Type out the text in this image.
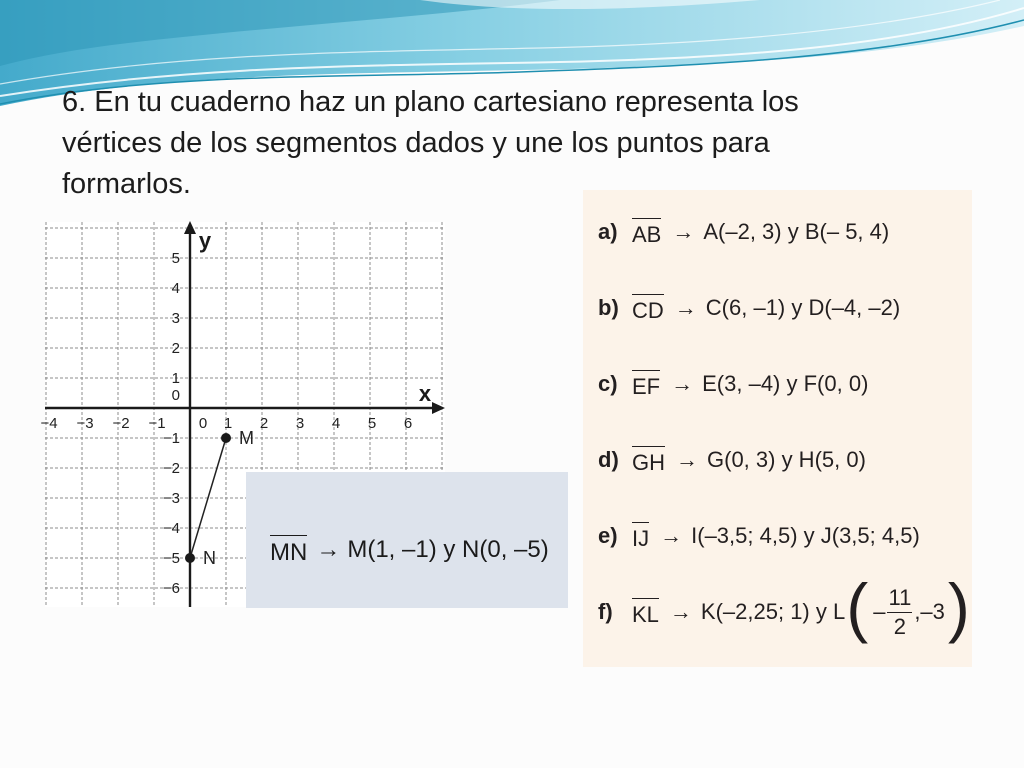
6. En tu cuaderno haz un plano cartesiano representa los
vértices de los segmentos dados y une los puntos para
formarlos.
−4 −3 −2 −1 0 1 2 3 4 5 6
5
4
3
2
1
0
−1
−2
−3
−4
−5
−6
x
y
M
N MN → M(1, –1) y N(0, –5)
a) AB → A(–2, 3) y B(– 5, 4)
b) CD → C(6, –1) y D(–4, –2)
c) EF → E(3, –4) y F(0, 0)
d) GH → G(0, 3) y H(5, 0)
e) IJ → I(–3,5; 4,5) y J(3,5; 4,5)
f) KL → K(–2,25; 1) y L ( – $\frac{11}{2} ,-3$ )
